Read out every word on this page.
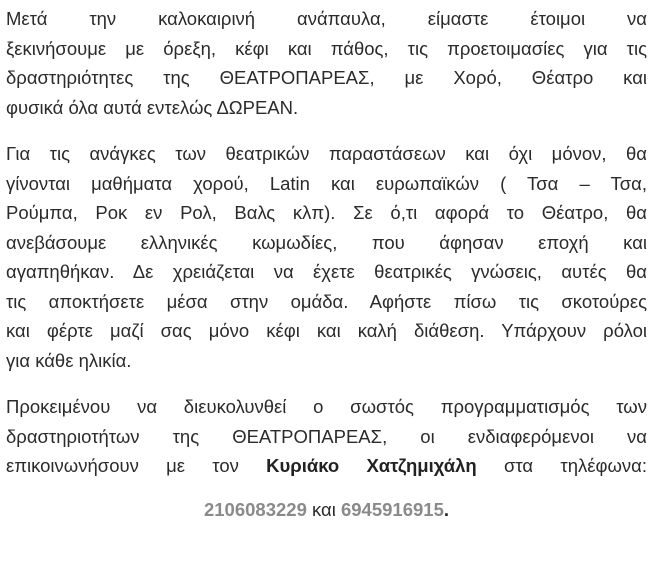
Μετά την καλοκαιρινή ανάπαυλα, είμαστε έτοιμοι να
ξεκινήσουμε με όρεξη, κέφι και πάθος, τις προετοιμασίες για τις
δραστηριότητες της ΘΕΑΤΡΟΠΑΡΕΑΣ, με Χορό, Θέατρο και
φυσικά όλα αυτά εντελώς ΔΩΡΕΑΝ.

Για τις ανάγκες των θεατρικών παραστάσεων και όχι μόνον, θα
γίνονται μαθήματα χορού, Latin και ευρωπαϊκών ( Τσα – Τσα,
Ρούμπα, Ροκ εν Ρολ, Βαλς κλπ). Σε ό,τι αφορά το Θέατρο, θα
ανεβάσουμε ελληνικές κωμωδίες, που άφησαν εποχή και
αγαπηθήκαν. Δε χρειάζεται να έχετε θεατρικές γνώσεις, αυτές θα
τις αποκτήσετε μέσα στην ομάδα. Αφήστε πίσω τις σκοτούρες
και φέρτε μαζί σας μόνο κέφι και καλή διάθεση. Υπάρχουν ρόλοι
για κάθε ηλικία.

Προκειμένου να διευκολυνθεί ο σωστός προγραμματισμός των
δραστηριοτήτων της ΘΕΑΤΡΟΠΑΡΕΑΣ, οι ενδιαφερόμενοι να
επικοινωνήσουν με τον Κυριάκο Χατζημιχάλη στα τηλέφωνα:

2106083229 και 6945916915.
